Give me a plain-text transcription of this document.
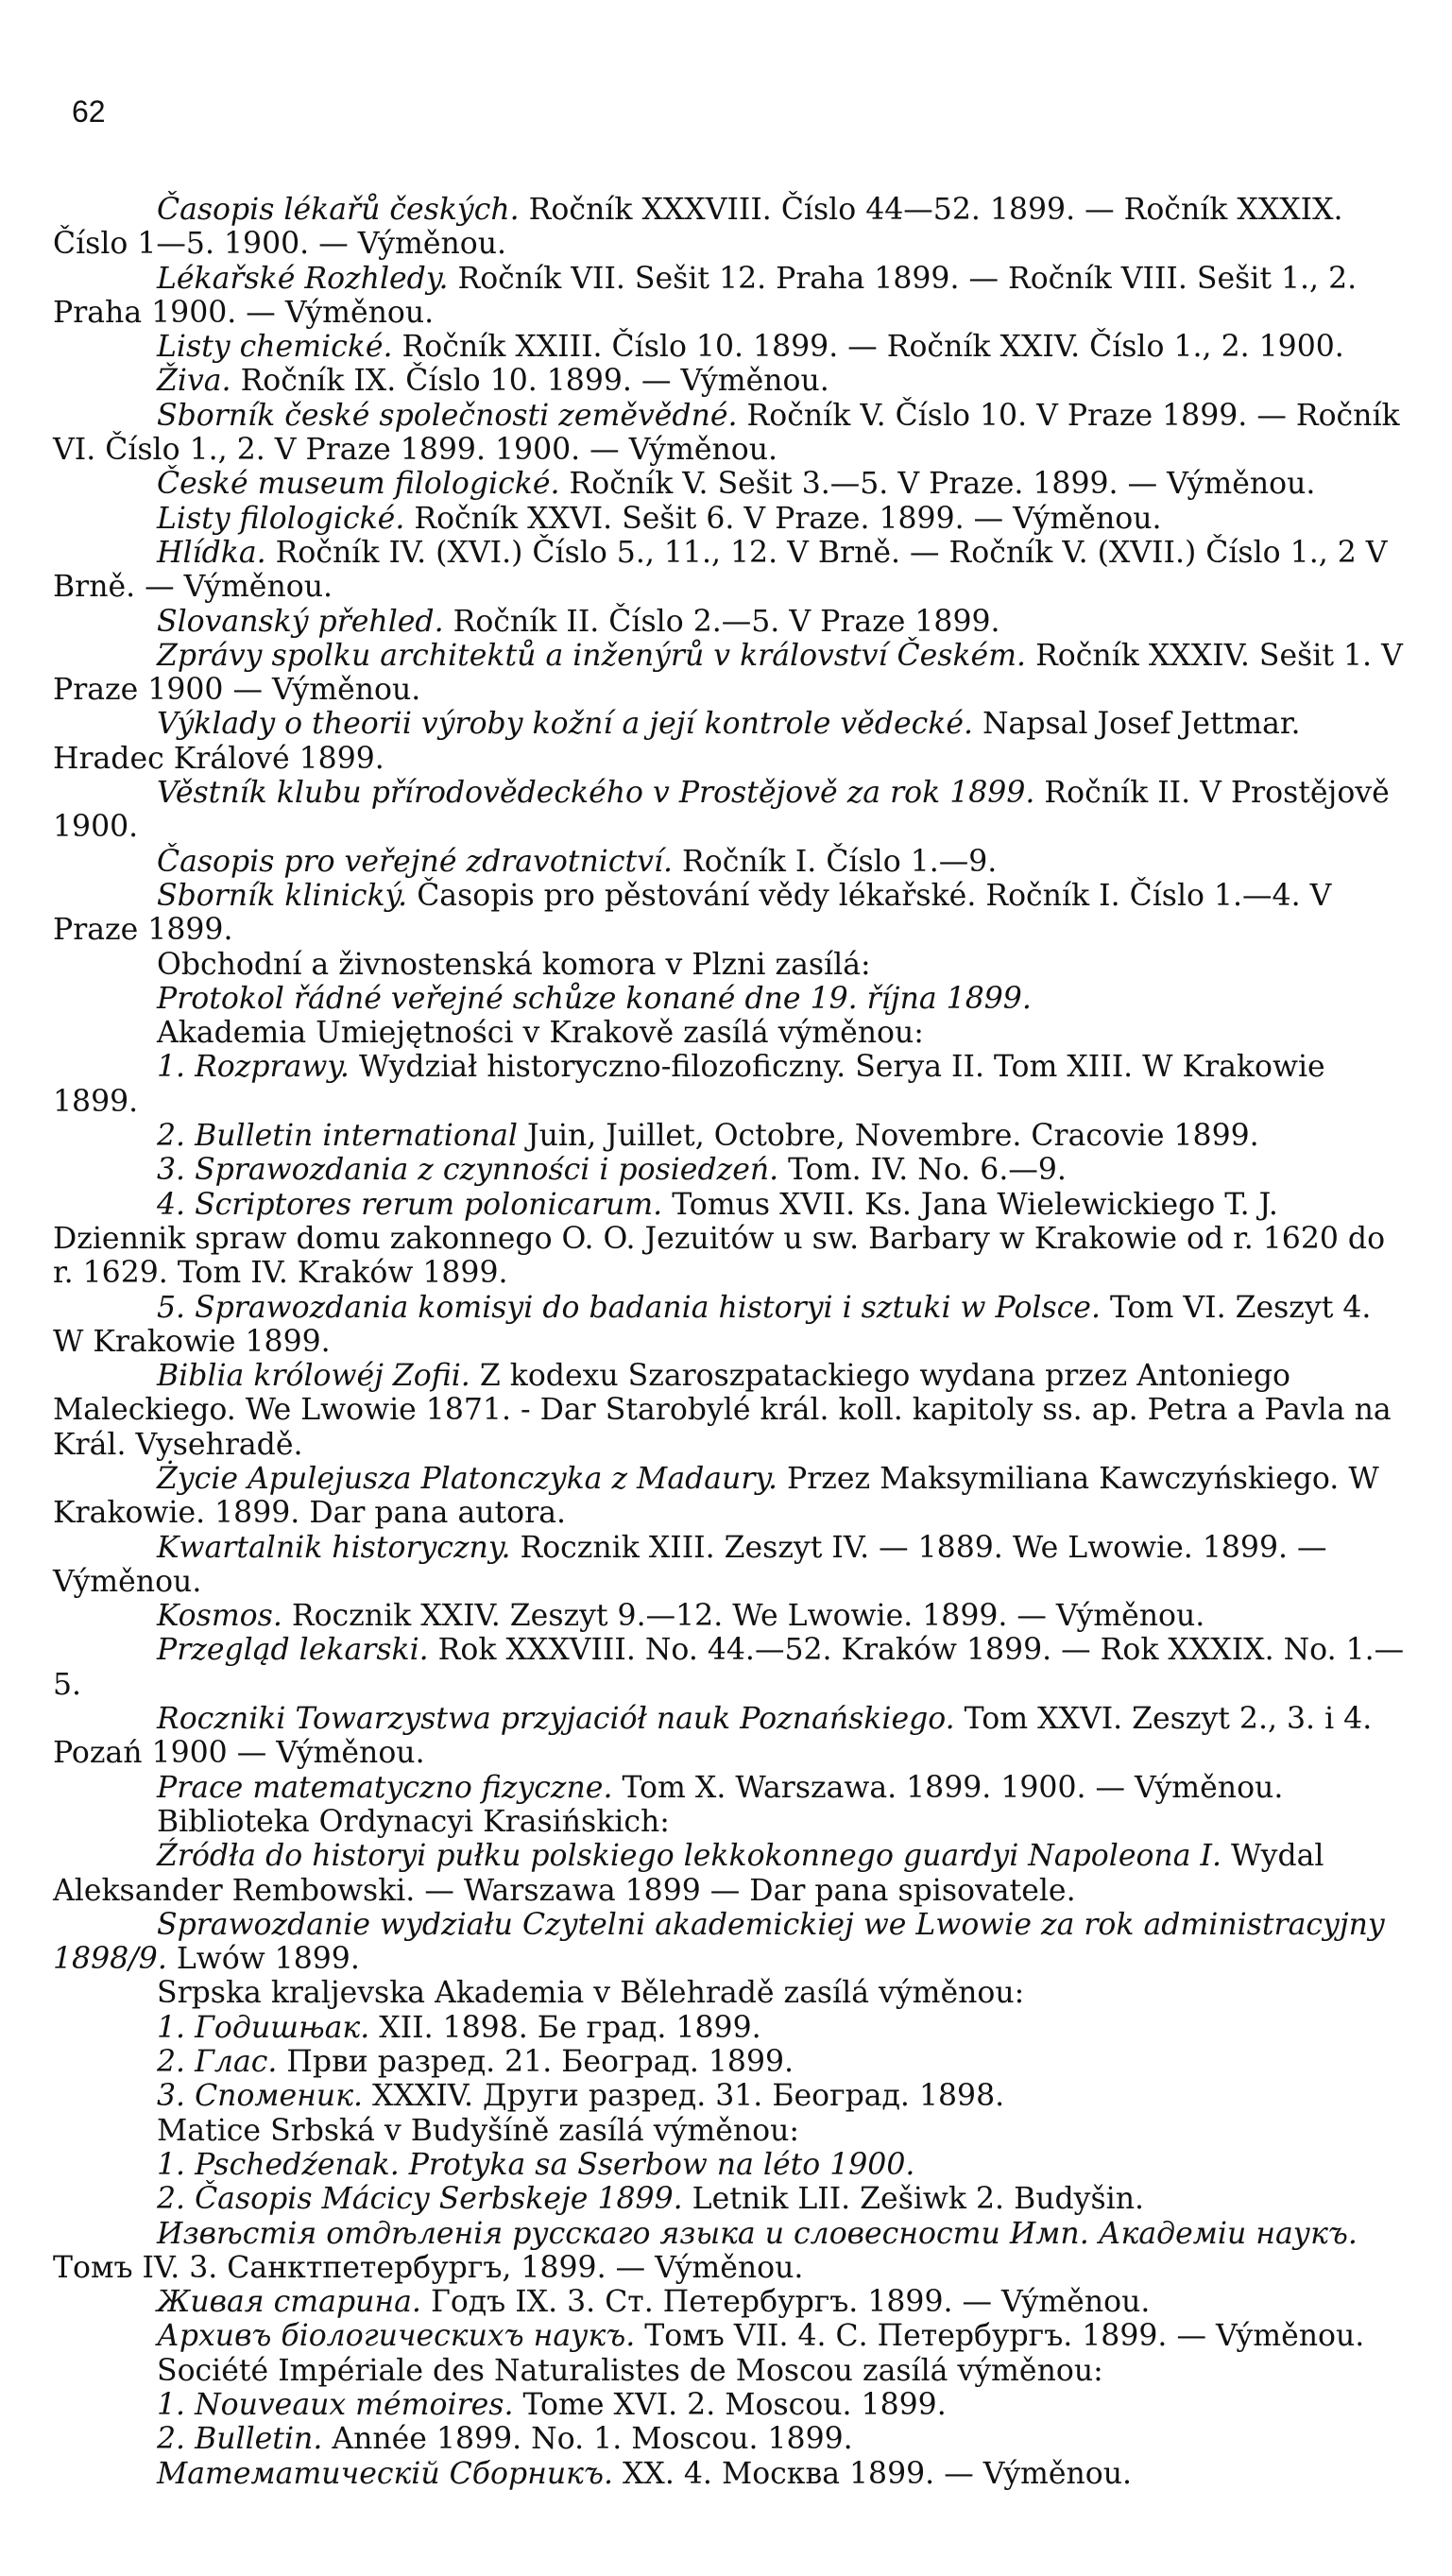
62

Časopis lékařů českých. Ročník XXXVIII. Číslo 44—52. 1899. — Ročník XXXIX. Číslo 1—5. 1900. — Výměnou.

Lékařské Rozhledy. Ročník VII. Sešit 12. Praha 1899. — Ročník VIII. Sešit 1., 2. Praha 1900. — Výměnou.

Listy chemické. Ročník XXIII. Číslo 10. 1899. — Ročník XXIV. Číslo 1., 2. 1900.

Živa. Ročník IX. Číslo 10. 1899. — Výměnou.

Sborník české společnosti zeměvědné. Ročník V. Číslo 10. V Praze 1899. — Ročník VI. Číslo 1., 2. V Praze 1899. 1900. — Výměnou.

České museum filologické. Ročník V. Sešit 3.—5. V Praze. 1899. — Výměnou.

Listy filologické. Ročník XXVI. Sešit 6. V Praze. 1899. — Výměnou.

Hlídka. Ročník IV. (XVI.) Číslo 5., 11., 12. V Brně. — Ročník V. (XVII.) Číslo 1., 2 V Brně. — Výměnou.

Slovanský přehled. Ročník II. Číslo 2.—5. V Praze 1899.

Zprávy spolku architektů a inženýrů v království Českém. Ročník XXXIV. Sešit 1. V Praze 1900 — Výměnou.

Výklady o theorii výroby kožní a její kontrole vědecké. Napsal Josef Jettmar. Hradec Králové 1899.

Věstník klubu přírodovědeckého v Prostějově za rok 1899. Ročník II. V Prostějově 1900.

Časopis pro veřejné zdravotnictví. Ročník I. Číslo 1.—9.

Sborník klinický. Časopis pro pěstování vědy lékařské. Ročník I. Číslo 1.—4. V Praze 1899.

Obchodní a živnostenská komora v Plzni zasílá:

Protokol řádné veřejné schůze konané dne 19. října 1899.

Akademia Umiejętności v Krakově zasílá výměnou:

1. Rozprawy. Wydział historyczno-filozoficzny. Serya II. Tom XIII. W Krakowie 1899.

2. Bulletin international Juin, Juillet, Octobre, Novembre. Cracovie 1899.

3. Sprawozdania z czynności i posiedzeń. Tom. IV. No. 6.—9.

4. Scriptores rerum polonicarum. Tomus XVII. Ks. Jana Wielewickiego T. J. Dziennik spraw domu zakonnego O. O. Jezuitów u sw. Barbary w Krakowie od r. 1620 do r. 1629. Tom IV. Kraków 1899.

5. Sprawozdania komisyi do badania historyi i sztuki w Polsce. Tom VI. Zeszyt 4. W Krakowie 1899.

Biblia królowéj Zofii. Z kodexu Szaroszpatackiego wydana przez Antoniego Maleckiego. We Lwowie 1871. - Dar Starobylé král. koll. kapitoly ss. ap. Petra a Pavla na Král. Vysehradě.

Życie Apulejusza Platonczyka z Madaury. Przez Maksymiliana Kawczyńskiego. W Krakowie. 1899. Dar pana autora.

Kwartalnik historyczny. Rocznik XIII. Zeszyt IV. — 1889. We Lwowie. 1899. — Výměnou.

Kosmos. Rocznik XXIV. Zeszyt 9.—12. We Lwowie. 1899. — Výměnou.

Przegląd lekarski. Rok XXXVIII. No. 44.—52. Kraków 1899. — Rok XXXIX. No. 1.—5.

Roczniki Towarzystwa przyjaciół nauk Poznańskiego. Tom XXVI. Zeszyt 2., 3. i 4. Pozań 1900 — Výměnou.

Prace matematyczno fizyczne. Tom X. Warszawa. 1899. 1900. — Výměnou.

Biblioteka Ordynacyi Krasińskich:

Źródła do historyi pułku polskiego lekkokonnego guardyi Napoleona I. Wydal Aleksander Rembowski. — Warszawa 1899 — Dar pana spisovatele.

Sprawozdanie wydziału Czytelni akademickiej we Lwowie za rok administracyjny 1898/9. Lwów 1899.

Srpska kraljevska Akademia v Bělehradě zasílá výměnou:

1. Годишњак. XII. 1898. Бе град. 1899.

2. Глас. Први разред. 21. Београд. 1899.

3. Споменик. XXXIV. Други разред. 31. Београд. 1898.

Matice Srbská v Budyšíně zasílá výměnou:

1. Pschedźenak. Protyka sa Sserbow na léto 1900.

2. Časopis Mácicy Serbskeje 1899. Letnik LII. Zešiwk 2. Budyšin.

Извѣстія отдѣленія русскаго языка и словесности Имп. Академіи наукъ. Томъ IV. 3. Санктпетербургъ, 1899. — Výměnou.

Живая старина. Годъ IX. 3. Ст. Петербургъ. 1899. — Výměnou.

Архивъ біологическихъ наукъ. Томъ VII. 4. С. Петербургъ. 1899. — Výměnou.

Société Impériale des Naturalistes de Moscou zasílá výměnou:

1. Nouveaux mémoires. Tome XVI. 2. Moscou. 1899.

2. Bulletin. Année 1899. No. 1. Moscou. 1899.

Математическій Сборникъ. XX. 4. Москва 1899. — Výměnou.
